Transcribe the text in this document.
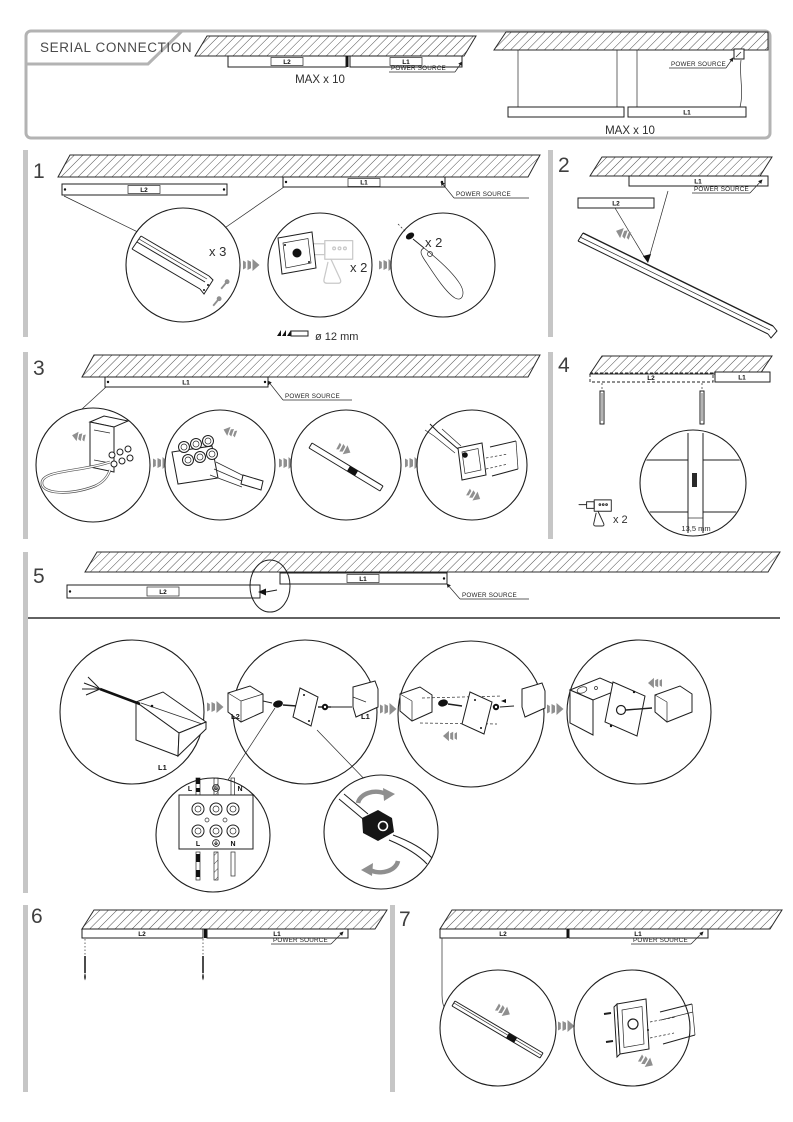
SERIAL CONNECTION
L2	L1
POWER SOURCE
MAX x 10
POWER SOURCE
L1
MAX x 10
1
L2
L1
POWER SOURCE
x 3
x 2
x 2
ø 12 mm
2
L1
POWER SOURCE
L2
3
L1
POWER SOURCE
4
L2	L1
13,5 mm
x 2
5
L2
L1
POWER SOURCE
L1
L2	L1
L	N
L	N
6
L2	L1
POWER SOURCE
7
L2	L1
POWER SOURCE
